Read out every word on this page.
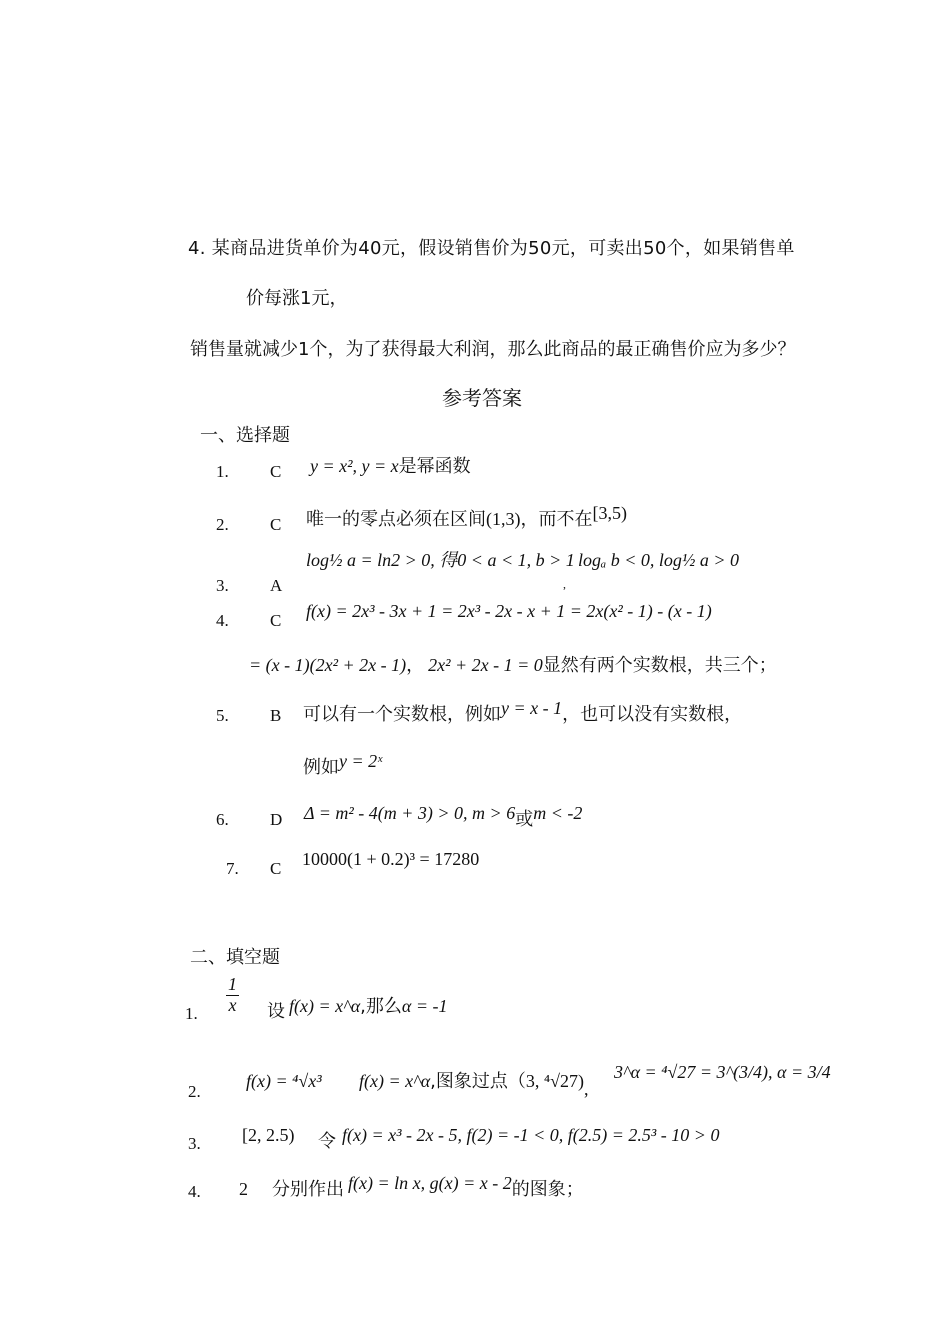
4. 某商品进货单价为40元，假设销售价为50元，可卖出50个，如果销售单
价每涨1元，
销售量就减少1个，为了获得最大利润，那么此商品的最正确售价应为多少？
参考答案
一、选择题
1. C y = x², y = x是幂函数
2. C 唯一的零点必须在区间(1,3)，而不在[3,5)
3. A
log½ a = ln2 > 0, 得0 < a < 1, b > 1
,
logₐ b < 0, log½ a > 0
4. C f(x) = 2x³ - 3x + 1 = 2x³ - 2x - x + 1 = 2x(x² - 1) - (x - 1)
= (x - 1)(2x² + 2x - 1)， 2x² + 2x - 1 = 0显然有两个实数根，共三个；
5. B 可以有一个实数根，例如y = x - 1，也可以没有实数根，
例如y = 2ˣ
6. D Δ = m² - 4(m + 3) > 0, m > 6或m < -2
7. C 10000(1 + 0.2)³ = 17280
二、填空题
1. $\frac{1}{x}$ 设 f(x) = x^α,那么α = -1
2.
f(x) = ⁴√x³ f(x) = x^α,图象过点（3, ⁴√27),
3^α = ⁴√27 = 3^(3/4), α = 3/4
3. [2, 2.5) 令 f(x) = x³ - 2x - 5, f(2) = -1 < 0, f(2.5) = 2.5³ - 10 > 0
4. 2 分别作出 f(x) = ln x, g(x) = x - 2的图象；
